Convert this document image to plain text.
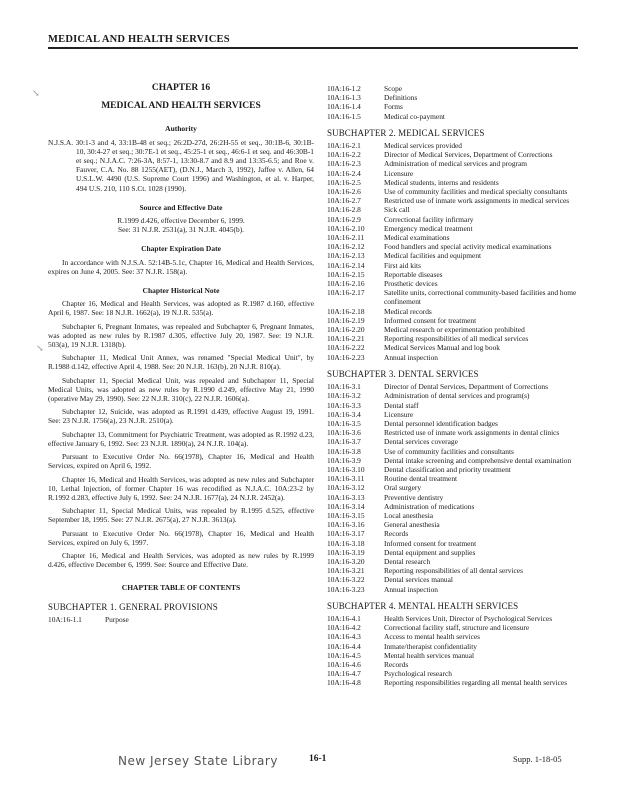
MEDICAL AND HEALTH SERVICES
↘
↘
CHAPTER 16
MEDICAL AND HEALTH SERVICES
Authority
N.J.S.A. 30:1-3 and 4, 33:1B-48 et seq.; 26:2D-27d, 26:2H-55 et seq., 30:1B-6, 30:1B-10, 30:4-27 et seq.; 30:7E-1 et seq., 45:25-1 et seq., 46:6-1 et seq. and 46:30B-1 et seq.; N.J.A.C. 7:26-3A, 8:57-1, 13:30-8.7 and 8.9 and 13:35-6.5; and Roe v. Fauver, C.A. No. 88 1255(AET), (D.N.J., March 3, 1992), Jaffee v. Allen, 64 U.S.L.W. 4490 (U.S. Supreme Court 1996) and Washington, et al. v. Harper, 494 U.S. 210, 110 S.Ct. 1028 (1990).
Source and Effective Date
R.1999 d.426, effective December 6, 1999.
See: 31 N.J.R. 2531(a), 31 N.J.R. 4045(b).
Chapter Expiration Date
In accordance with N.J.S.A. 52:14B-5.1c, Chapter 16, Medical and Health Services, expires on June 4, 2005. See: 37 N.J.R. 158(a).
Chapter Historical Note
Chapter 16, Medical and Health Services, was adopted as R.1987 d.160, effective April 6, 1987. See: 18 N.J.R. 1662(a), 19 N.J.R. 535(a).
Subchapter 6, Pregnant Inmates, was repealed and Subchapter 6, Pregnant Inmates, was adopted as new rules by R.1987 d.305, effective July 20, 1987. See: 19 N.J.R. 503(a), 19 N.J.R. 1318(b).
Subchapter 11, Medical Unit Annex, was renamed "Special Medical Unit", by R.1988 d.142, effective April 4, 1988. See: 20 N.J.R. 163(b), 20 N.J.R. 810(a).
Subchapter 11, Special Medical Unit, was repealed and Subchapter 11, Special Medical Units, was adopted as new rules by R.1990 d.249, effective May 21, 1990 (operative May 29, 1990). See: 22 N.J.R. 310(c), 22 N.J.R. 1606(a).
Subchapter 12, Suicide, was adopted as R.1991 d.439, effective August 19, 1991. See: 23 N.J.R. 1756(a), 23 N.J.R. 2510(a).
Subchapter 13, Commitment for Psychiatric Treatment, was adopted as R.1992 d.23, effective January 6, 1992. See: 23 N.J.R. 1890(a), 24 N.J.R. 104(a).
Pursuant to Executive Order No. 66(1978), Chapter 16, Medical and Health Services, expired on April 6, 1992.
Chapter 16, Medical and Health Services, was adopted as new rules and Subchapter 10, Lethal Injection, of former Chapter 16 was recodified as N.J.A.C. 10A:23-2 by R.1992 d.283, effective July 6, 1992. See: 24 N.J.R. 1677(a), 24 N.J.R. 2452(a).
Subchapter 11, Special Medical Units, was repealed by R.1995 d.525, effective September 18, 1995. See: 27 N.J.R. 2675(a), 27 N.J.R. 3613(a).
Pursuant to Executive Order No. 66(1978), Chapter 16, Medical and Health Services, expired on July 6, 1997.
Chapter 16, Medical and Health Services, was adopted as new rules by R.1999 d.426, effective December 6, 1999. See: Source and Effective Date.
CHAPTER TABLE OF CONTENTS
SUBCHAPTER 1. GENERAL PROVISIONS
10A:16-1.1	Purpose
10A:16-1.2	Scope
10A:16-1.3	Definitions
10A:16-1.4	Forms
10A:16-1.5	Medical co-payment
SUBCHAPTER 2. MEDICAL SERVICES
10A:16-2.1	Medical services provided
10A:16-2.2	Director of Medical Services, Department of Corrections
10A:16-2.3	Administration of medical services and program
10A:16-2.4	Licensure
10A:16-2.5	Medical students, interns and residents
10A:16-2.6	Use of community facilities and medical specialty consultants
10A:16-2.7	Restricted use of inmate work assignments in medical services
10A:16-2.8	Sick call
10A:16-2.9	Correctional facility infirmary
10A:16-2.10	Emergency medical treatment
10A:16-2.11	Medical examinations
10A:16-2.12	Food handlers and special activity medical examinations
10A:16-2.13	Medical facilities and equipment
10A:16-2.14	First aid kits
10A:16-2.15	Reportable diseases
10A:16-2.16	Prosthetic devices
10A:16-2.17	Satellite units, correctional community-based facilities and home confinement
10A:16-2.18	Medical records
10A:16-2.19	Informed consent for treatment
10A:16-2.20	Medical research or experimentation prohibited
10A:16-2.21	Reporting responsibilities of all medical services
10A:16-2.22	Medical Services Manual and log book
10A:16-2.23	Annual inspection
SUBCHAPTER 3. DENTAL SERVICES
10A:16-3.1	Director of Dental Services, Department of Corrections
10A:16-3.2	Administration of dental services and program(s)
10A:16-3.3	Dental staff
10A:16-3.4	Licensure
10A:16-3.5	Dental personnel identification badges
10A:16-3.6	Restricted use of inmate work assignments in dental clinics
10A:16-3.7	Dental services coverage
10A:16-3.8	Use of community facilities and consultants
10A:16-3.9	Dental intake screening and comprehensive dental examination
10A:16-3.10	Dental classification and priority treatment
10A:16-3.11	Routine dental treatment
10A:16-3.12	Oral surgery
10A:16-3.13	Preventive dentistry
10A:16-3.14	Administration of medications
10A:16-3.15	Local anesthesia
10A:16-3.16	General anesthesia
10A:16-3.17	Records
10A:16-3.18	Informed consent for treatment
10A:16-3.19	Dental equipment and supplies
10A:16-3.20	Dental research
10A:16-3.21	Reporting responsibilities of all dental services
10A:16-3.22	Dental services manual
10A:16-3.23	Annual inspection
SUBCHAPTER 4. MENTAL HEALTH SERVICES
10A:16-4.1	Health Services Unit, Director of Psychological Services
10A:16-4.2	Correctional facility staff, structure and licensure
10A:16-4.3	Access to mental health services
10A:16-4.4	Inmate/therapist confidentiality
10A:16-4.5	Mental health services manual
10A:16-4.6	Records
10A:16-4.7	Psychological research
10A:16-4.8	Reporting responsibilities regarding all mental health services
New Jersey State Library	16-1	Supp. 1-18-05
